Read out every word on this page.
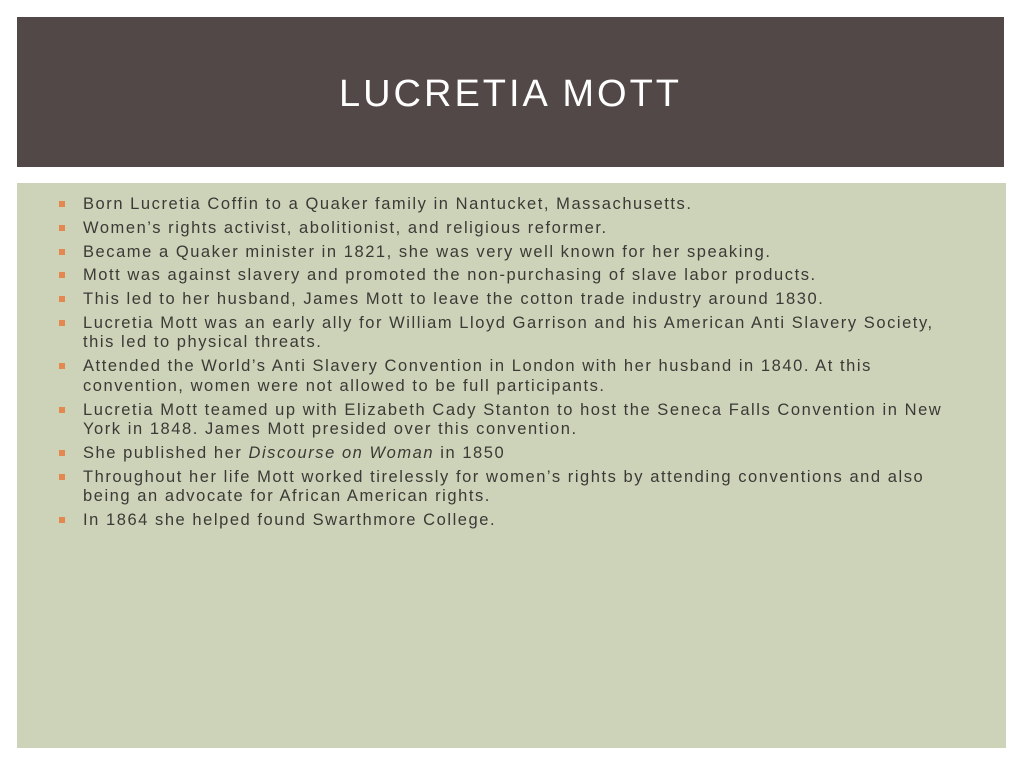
LUCRETIA MOTT
Born Lucretia Coffin to a Quaker family in Nantucket, Massachusetts.
Women’s rights activist, abolitionist, and religious reformer.
Became a Quaker minister in 1821, she was very well known for her speaking.
Mott was against slavery and promoted the non-purchasing of slave labor products.
This led to her husband, James Mott to leave the cotton trade industry around 1830.
Lucretia Mott was an early ally for William Lloyd Garrison and his American Anti Slavery Society, this led to physical threats.
Attended the World’s Anti Slavery Convention in London with her husband in 1840. At this convention, women were not allowed to be full participants.
Lucretia Mott teamed up with Elizabeth Cady Stanton to host the Seneca Falls Convention in New York in 1848. James Mott presided over this convention.
She published her Discourse on Woman in 1850
Throughout her life Mott worked tirelessly for women’s rights by attending conventions and also being an advocate for African American rights.
In 1864 she helped found Swarthmore College.
